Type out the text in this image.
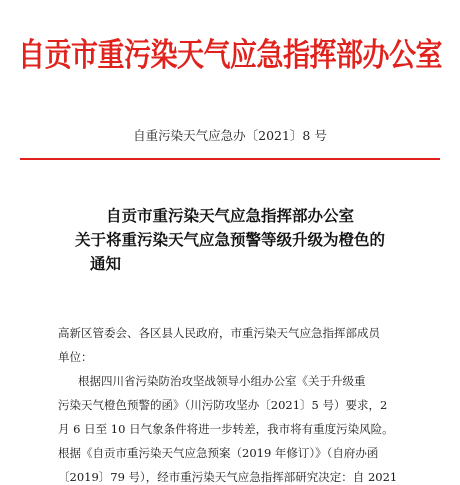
自贡市重污染天气应急指挥部办公室
自重污染天气应急办〔2021〕8 号
自贡市重污染天气应急指挥部办公室
关于将重污染天气应急预警等级升级为橙色的
通知
高新区管委会、各区县人民政府，市重污染天气应急指挥部成员
单位：
根据四川省污染防治攻坚战领导小组办公室《关于升级重
污染天气橙色预警的函》（川污防攻坚办〔2021〕5 号）要求，2
月 6 日至 10 日气象条件将进一步转差，我市将有重度污染风险。
根据《自贡市重污染天气应急预案（2019 年修订）》（自府办函
〔2019〕79 号），经市重污染天气应急指挥部研究决定：自 2021
